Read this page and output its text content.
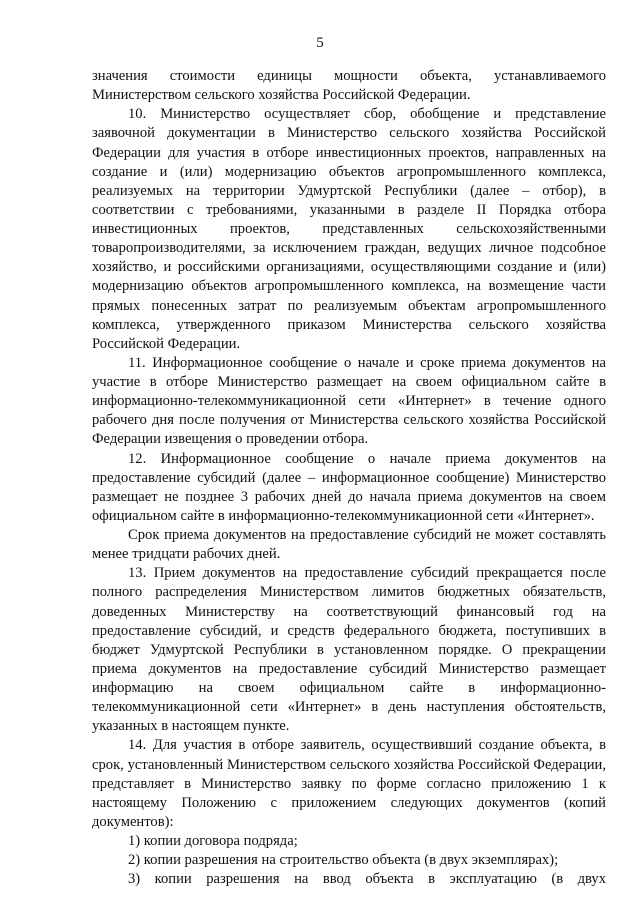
5

значения стоимости единицы мощности объекта, устанавливаемого Министерством сельского хозяйства Российской Федерации.

10. Министерство осуществляет сбор, обобщение и представление заявочной документации в Министерство сельского хозяйства Российской Федерации для участия в отборе инвестиционных проектов, направленных на создание и (или) модернизацию объектов агропромышленного комплекса, реализуемых на территории Удмуртской Республики (далее – отбор), в соответствии с требованиями, указанными в разделе II Порядка отбора инвестиционных проектов, представленных сельскохозяйственными товаропроизводителями, за исключением граждан, ведущих личное подсобное хозяйство, и российскими организациями, осуществляющими создание и (или) модернизацию объектов агропромышленного комплекса, на возмещение части прямых понесенных затрат по реализуемым объектам агропромышленного комплекса, утвержденного приказом Министерства сельского хозяйства Российской Федерации.

11. Информационное сообщение о начале и сроке приема документов на участие в отборе Министерство размещает на своем официальном сайте в информационно-телекоммуникационной сети «Интернет» в течение одного рабочего дня после получения от Министерства сельского хозяйства Российской Федерации извещения о проведении отбора.

12. Информационное сообщение о начале приема документов на предоставление субсидий (далее – информационное сообщение) Министерство размещает не позднее 3 рабочих дней до начала приема документов на своем официальном сайте в информационно-телекоммуникационной сети «Интернет».

Срок приема документов на предоставление субсидий не может составлять менее тридцати рабочих дней.

13. Прием документов на предоставление субсидий прекращается после полного распределения Министерством лимитов бюджетных обязательств, доведенных Министерству на соответствующий финансовый год на предоставление субсидий, и средств федерального бюджета, поступивших в бюджет Удмуртской Республики в установленном порядке. О прекращении приема документов на предоставление субсидий Министерство размещает информацию на своем официальном сайте в информационно-телекоммуникационной сети «Интернет» в день наступления обстоятельств, указанных в настоящем пункте.

14. Для участия в отборе заявитель, осуществивший создание объекта, в срок, установленный Министерством сельского хозяйства Российской Федерации, представляет в Министерство заявку по форме согласно приложению 1 к настоящему Положению с приложением следующих документов (копий документов):

1) копии договора подряда;

2) копии разрешения на строительство объекта (в двух экземплярах);

3) копии разрешения на ввод объекта в эксплуатацию (в двух
